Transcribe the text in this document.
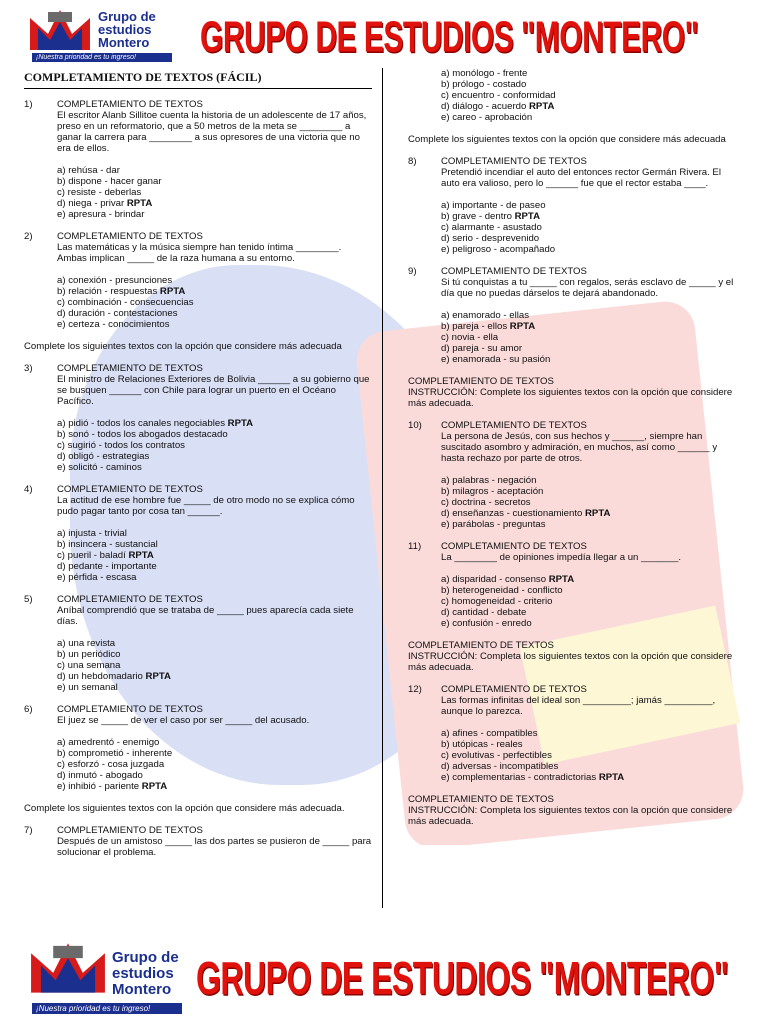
Grupo de estudios Montero
¡Nuestra prioridad es tu ingreso!	GRUPO DE ESTUDIOS "MONTERO"
COMPLETAMIENTO DE TEXTOS (FÁCIL)
1)	COMPLETAMIENTO DE TEXTOS
El escritor Alanb Sillitoe cuenta la historia de un adolescente de 17 años, preso en un reformatorio, que a 50 metros de la meta se ________ a ganar la carrera para ________ a sus opresores de una victoria que no era de ellos.
a) rehúsa - dar
b) dispone - hacer ganar
c) resiste - deberlas
d) niega - privar RPTA
e) apresura - brindar
2)	COMPLETAMIENTO DE TEXTOS
Las matemáticas y la música siempre han tenido íntima ________. Ambas implican _____ de la raza humana a su entorno.
a) conexión - presunciones
b) relación - respuestas RPTA
c) combinación - consecuencias
d) duración - contestaciones
e) certeza - conocimientos
Complete los siguientes textos con la opción que considere más adecuada
3)	COMPLETAMIENTO DE TEXTOS
El ministro de Relaciones Exteriores de Bolivia ______ a su gobierno que se busquen ______ con Chile para lograr un puerto en el Océano Pacífico.
a) pidió - todos los canales negociables RPTA
b) sonó - todos los abogados destacado
c) sugirió - todos los contratos
d) obligó - estrategias
e) solicitó - caminos
4)	COMPLETAMIENTO DE TEXTOS
La actitud de ese hombre fue _____ de otro modo no se explica cómo pudo pagar tanto por cosa tan ______.
a) injusta - trivial
b) insincera - sustancial
c) pueril - baladí RPTA
d) pedante - importante
e) pérfida - escasa
5)	COMPLETAMIENTO DE TEXTOS
Aníbal comprendió que se trataba de _____ pues aparecía cada siete días.
a) una revista
b) un periódico
c) una semana
d) un hebdomadario RPTA
e) un semanal
6)	COMPLETAMIENTO DE TEXTOS
El juez se _____ de ver el caso por ser _____ del acusado.
a) amedrentó - enemigo
b) comprometió - inherente
c) esforzó - cosa juzgada
d) inmutó - abogado
e) inhibió - pariente RPTA
Complete los siguientes textos con la opción que considere más adecuada.
7)	COMPLETAMIENTO DE TEXTOS
Después de un amistoso _____ las dos partes se pusieron de _____ para solucionar el problema.
a) monólogo - frente
b) prólogo - costado
c) encuentro - conformidad
d) diálogo - acuerdo RPTA
e) careo - aprobación
Complete los siguientes textos con la opción que considere más adecuada
8)	COMPLETAMIENTO DE TEXTOS
Pretendió incendiar el auto del entonces rector Germán Rivera. El auto era valioso, pero lo ______ fue que el rector estaba ____.
a) importante - de paseo
b) grave - dentro RPTA
c) alarmante - asustado
d) serio - desprevenido
e) peligroso - acompañado
9)	COMPLETAMIENTO DE TEXTOS
Si tú conquistas a tu _____ con regalos, serás esclavo de _____ y el día que no puedas dárselos te dejará abandonado.
a) enamorado - ellas
b) pareja - ellos RPTA
c) novia - ella
d) pareja - su amor
e) enamorada - su pasión
COMPLETAMIENTO DE TEXTOS
INSTRUCCIÓN: Complete los siguientes textos con la opción que considere más adecuada.
10)	COMPLETAMIENTO DE TEXTOS
La persona de Jesús, con sus hechos y ______, siempre han suscitado asombro y admiración, en muchos, así como ______ y hasta rechazo por parte de otros.
a) palabras - negación
b) milagros - aceptación
c) doctrina - secretos
d) enseñanzas - cuestionamiento RPTA
e) parábolas - preguntas
11)	COMPLETAMIENTO DE TEXTOS
La ________ de opiniones impedía llegar a un _______.
a) disparidad - consenso RPTA
b) heterogeneidad - conflicto
c) homogeneidad - criterio
d) cantidad - debate
e) confusión - enredo
COMPLETAMIENTO DE TEXTOS
INSTRUCCIÓN: Completa los siguientes textos con la opción que considere más adecuada.
12)	COMPLETAMIENTO DE TEXTOS
Las formas infinitas del ideal son _________; jamás _________, aunque lo parezca.
a) afines - compatibles
b) utópicas - reales
c) evolutivas - perfectibles
d) adversas - incompatibles
e) complementarias - contradictorias RPTA
COMPLETAMIENTO DE TEXTOS
INSTRUCCIÓN: Completa los siguientes textos con la opción que considere más adecuada.
Grupo de estudios Montero
¡Nuestra prioridad es tu ingreso!
GRUPO DE ESTUDIOS "MONTERO"
